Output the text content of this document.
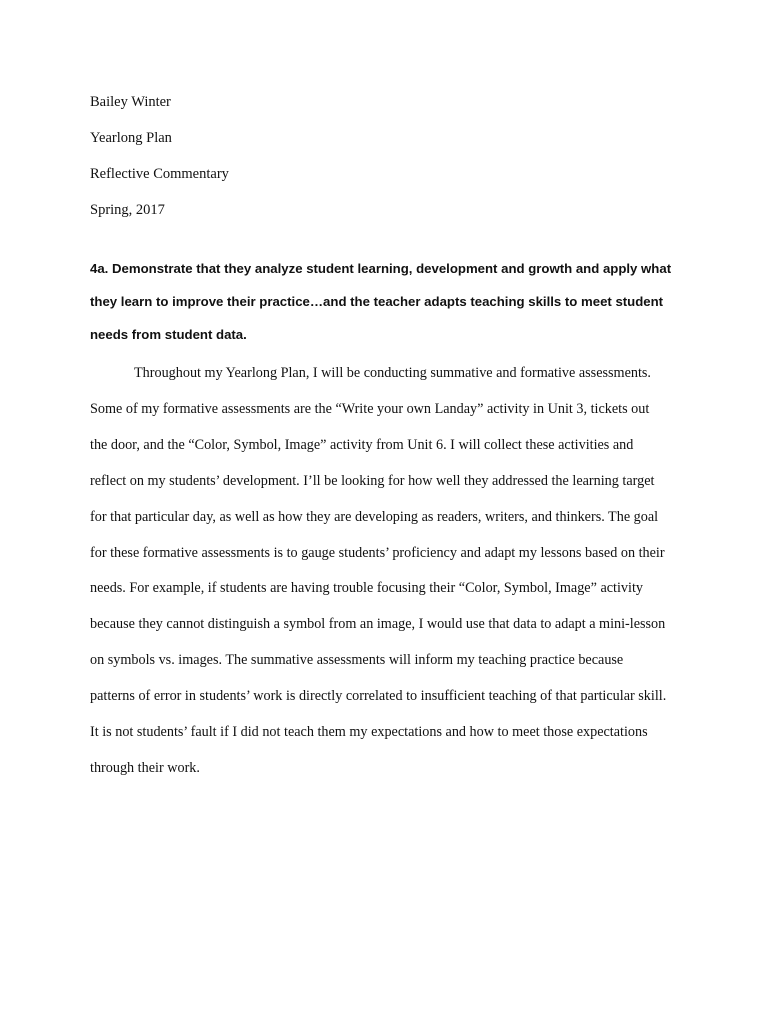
Bailey Winter

Yearlong Plan

Reflective Commentary

Spring, 2017

4a. Demonstrate that they analyze student learning, development and growth and apply what they learn to improve their practice…and the teacher adapts teaching skills to meet student needs from student data.

Throughout my Yearlong Plan, I will be conducting summative and formative assessments. Some of my formative assessments are the “Write your own Landay” activity in Unit 3, tickets out the door, and the “Color, Symbol, Image” activity from Unit 6. I will collect these activities and reflect on my students’ development. I’ll be looking for how well they addressed the learning target for that particular day, as well as how they are developing as readers, writers, and thinkers. The goal for these formative assessments is to gauge students’ proficiency and adapt my lessons based on their needs. For example, if students are having trouble focusing their “Color, Symbol, Image” activity because they cannot distinguish a symbol from an image, I would use that data to adapt a mini-lesson on symbols vs. images. The summative assessments will inform my teaching practice because patterns of error in students’ work is directly correlated to insufficient teaching of that particular skill. It is not students’ fault if I did not teach them my expectations and how to meet those expectations through their work.
